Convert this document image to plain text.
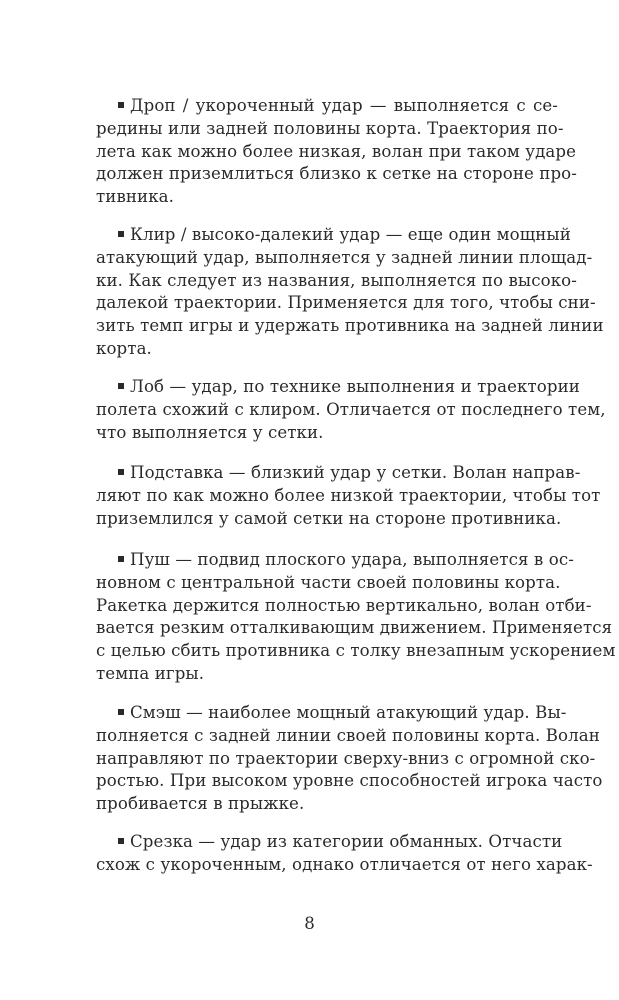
Дроп / укороченный удар — выполняется с се-
редины или задней половины корта. Траектория по-
лета как можно более низкая, волан при таком ударе
должен приземлиться близко к сетке на стороне про-
тивника.
Клир / высоко-далекий удар — еще один мощный
атакующий удар, выполняется у задней линии площад-
ки. Как следует из названия, выполняется по высоко-
далекой траектории. Применяется для того, чтобы сни-
зить темп игры и удержать противника на задней линии
корта.
Лоб — удар, по технике выполнения и траектории
полета схожий с клиром. Отличается от последнего тем,
что выполняется у сетки.
Подставка — близкий удар у сетки. Волан направ-
ляют по как можно более низкой траектории, чтобы тот
приземлился у самой сетки на стороне противника.
Пуш — подвид плоского удара, выполняется в ос-
новном с центральной части своей половины корта.
Ракетка держится полностью вертикально, волан отби-
вается резким отталкивающим движением. Применяется
с целью сбить противника с толку внезапным ускорением
темпа игры.
Смэш — наиболее мощный атакующий удар. Вы-
полняется с задней линии своей половины корта. Волан
направляют по траектории сверху-вниз с огромной ско-
ростью. При высоком уровне способностей игрока часто
пробивается в прыжке.
Срезка — удар из категории обманных. Отчасти
схож с укороченным, однако отличается от него харак-
8
